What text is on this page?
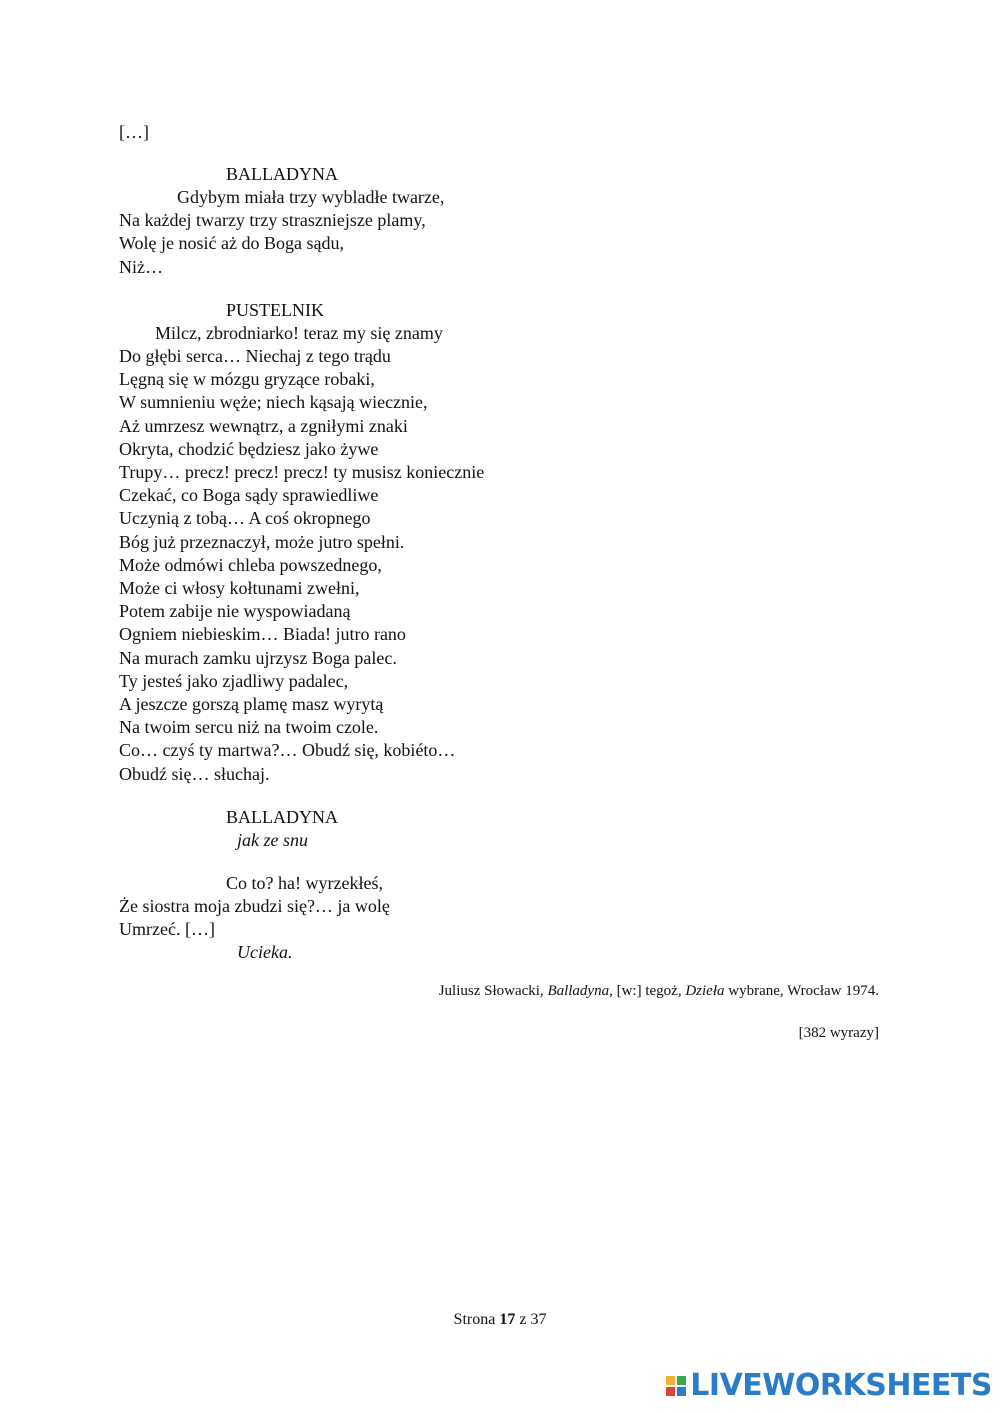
[…]

BALLADYNA

Gdybym miała trzy wybladłe twarze,

Na każdej twarzy trzy straszniejsze plamy,

Wolę je nosić aż do Boga sądu,

Niż…

PUSTELNIK

Milcz, zbrodniarko! teraz my się znamy

Do głębi serca… Niechaj z tego trądu

Lęgną się w mózgu gryzące robaki,

W sumnieniu węże; niech kąsają wiecznie,

Aż umrzesz wewnątrz, a zgniłymi znaki

Okryta, chodzić będziesz jako żywe

Trupy… precz! precz! precz! ty musisz koniecznie

Czekać, co Boga sądy sprawiedliwe

Uczynią z tobą… A coś okropnego

Bóg już przeznaczył, może jutro spełni.

Może odmówi chleba powszednego,

Może ci włosy kołtunami zwełni,

Potem zabije nie wyspowiadaną

Ogniem niebieskim… Biada! jutro rano

Na murach zamku ujrzysz Boga palec.

Ty jesteś jako zjadliwy padalec,

A jeszcze gorszą plamę masz wyrytą

Na twoim sercu niż na twoim czole.

Co… czyś ty martwa?… Obudź się, kobiéto…

Obudź się… słuchaj.

BALLADYNA

jak ze snu

Co to? ha! wyrzekłeś,

Że siostra moja zbudzi się?… ja wolę

Umrzeć. […]

Ucieka.

Juliusz Słowacki, Balladyna, [w:] tegoż, Dzieła wybrane, Wrocław 1974.
[382 wyrazy]
Strona 17 z 37
LIVEWORKSHEETS
